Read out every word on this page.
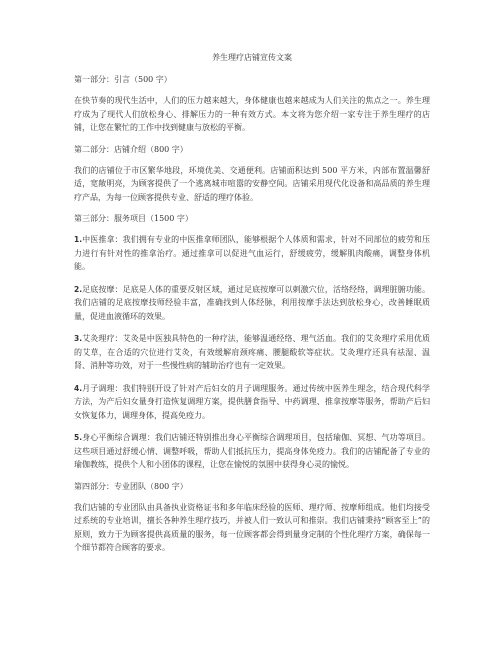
养生理疗店铺宣传文案
第一部分：引言（500 字）

在快节奏的现代生活中，人们的压力越来越大，身体健康也越来越成为人们关注的焦点之一。养生理疗成为了现代人们放松身心、排解压力的一种有效方式。本文将为您介绍一家专注于养生理疗的店铺，让您在繁忙的工作中找到健康与放松的平衡。

第二部分：店铺介绍（800 字）

我们的店铺位于市区繁华地段，环境优美、交通便利。店铺面积达到 500 平方米，内部布置温馨舒适，宽敞明亮，为顾客提供了一个逃离城市喧嚣的安静空间。店铺采用现代化设备和高品质的养生理疗产品，为每一位顾客提供专业、舒适的理疗体验。

第三部分：服务项目（1500 字）

1.中医推拿：我们拥有专业的中医推拿师团队，能够根据个人体质和需求，针对不同部位的疲劳和压力进行有针对性的推拿治疗。通过推拿可以促进气血运行，舒缓疲劳，缓解肌肉酸痛，调整身体机能。

2.足底按摩：足底是人体的重要反射区域，通过足底按摩可以刺激穴位，活络经络，调理脏腑功能。我们店铺的足底按摩技师经验丰富，准确找到人体经脉，利用按摩手法达到放松身心，改善睡眠质量，促进血液循环的效果。

3.艾灸理疗：艾灸是中医独具特色的一种疗法，能够温通经络、理气活血。我们的艾灸理疗采用优质的艾草，在合适的穴位进行艾灸，有效缓解肩颈疼痛、腰腿酸软等症状。艾灸理疗还具有祛湿、温肾、消肿等功效，对于一些慢性病的辅助治疗也有一定效果。

4.月子调理：我们特别开设了针对产后妇女的月子调理服务。通过传统中医养生理念，结合现代科学方法，为产后妇女量身打造恢复调理方案，提供膳食指导、中药调理、推拿按摩等服务，帮助产后妇女恢复体力，调理身体，提高免疫力。

5.身心平衡综合调理：我们店铺还特别推出身心平衡综合调理项目，包括瑜伽、冥想、气功等项目。这些项目通过舒缓心情、调整呼吸，帮助人们抵抗压力，提高身体免疫力。我们的店铺配备了专业的瑜伽教练，提供个人和小团体的课程，让您在愉悦的氛围中获得身心灵的愉悦。

第四部分：专业团队（800 字）

我们店铺的专业团队由具备执业资格证书和多年临床经验的医师、理疗师、按摩师组成。他们均接受过系统的专业培训，擅长各种养生理疗技巧，并被人们一致认可和推崇。我们店铺秉持“顾客至上”的原则，致力于为顾客提供高质量的服务，每一位顾客都会得到量身定制的个性化理疗方案，确保每一个细节都符合顾客的要求。
